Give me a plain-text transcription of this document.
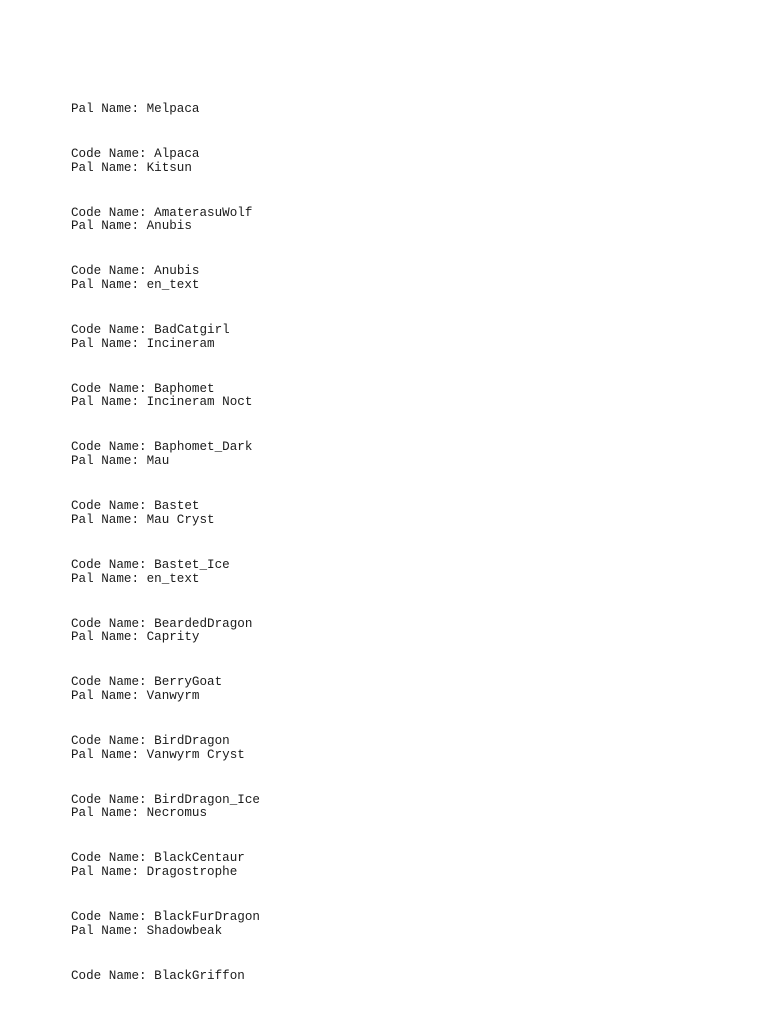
Pal Name: Melpaca

Code Name: Alpaca

Pal Name: Kitsun

Code Name: AmaterasuWolf

Pal Name: Anubis

Code Name: Anubis

Pal Name: en_text

Code Name: BadCatgirl

Pal Name: Incineram

Code Name: Baphomet

Pal Name: Incineram Noct

Code Name: Baphomet_Dark

Pal Name: Mau

Code Name: Bastet

Pal Name: Mau Cryst

Code Name: Bastet_Ice

Pal Name: en_text

Code Name: BeardedDragon

Pal Name: Caprity

Code Name: BerryGoat

Pal Name: Vanwyrm

Code Name: BirdDragon

Pal Name: Vanwyrm Cryst

Code Name: BirdDragon_Ice

Pal Name: Necromus

Code Name: BlackCentaur

Pal Name: Dragostrophe

Code Name: BlackFurDragon

Pal Name: Shadowbeak

Code Name: BlackGriffon
